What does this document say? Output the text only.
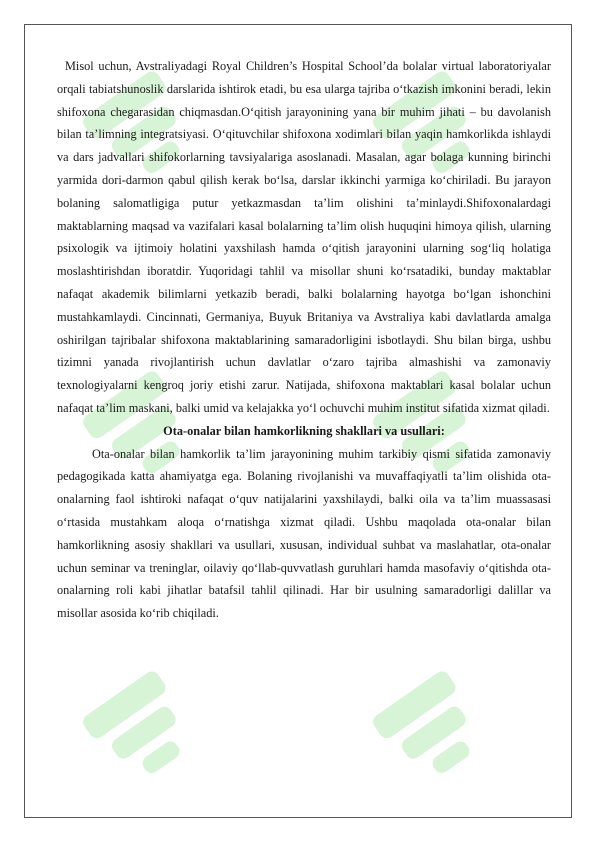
Misol uchun, Avstraliyadagi Royal Children’s Hospital School’da bolalar virtual laboratoriyalar orqali tabiatshunoslik darslarida ishtirok etadi, bu esa ularga tajriba o‘tkazish imkonini beradi, lekin shifoxona chegarasidan chiqmasdan.O‘qitish jarayonining yana bir muhim jihati – bu davolanish bilan ta’limning integratsiyasi. O‘qituvchilar shifoxona xodimlari bilan yaqin hamkorlikda ishlaydi va dars jadvallari shifokorlarning tavsiyalariga asoslanadi. Masalan, agar bolaga kunning birinchi yarmida dori-darmon qabul qilish kerak bo‘lsa, darslar ikkinchi yarmiga ko‘chiriladi. Bu jarayon bolaning salomatligiga putur yetkazmasdan ta’lim olishini ta’minlaydi.Shifoxonalardagi maktablarning maqsad va vazifalari kasal bolalarning ta’lim olish huquqini himoya qilish, ularning psixologik va ijtimoiy holatini yaxshilash hamda o‘qitish jarayonini ularning sog‘liq holatiga moslashtirishdan iboratdir. Yuqoridagi tahlil va misollar shuni ko‘rsatadiki, bunday maktablar nafaqat akademik bilimlarni yetkazib beradi, balki bolalarning hayotga bo‘lgan ishonchini mustahkamlaydi. Cincinnati, Germaniya, Buyuk Britaniya va Avstraliya kabi davlatlarda amalga oshirilgan tajribalar shifoxona maktablarining samaradorligini isbotlaydi. Shu bilan birga, ushbu tizimni yanada rivojlantirish uchun davlatlar o‘zaro tajriba almashishi va zamonaviy texnologiyalarni kengroq joriy etishi zarur. Natijada, shifoxona maktablari kasal bolalar uchun nafaqat ta’lim maskani, balki umid va kelajakka yo‘l ochuvchi muhim institut sifatida xizmat qiladi.

Ota-onalar bilan hamkorlikning shakllari va usullari:

Ota-onalar bilan hamkorlik ta’lim jarayonining muhim tarkibiy qismi sifatida zamonaviy pedagogikada katta ahamiyatga ega. Bolaning rivojlanishi va muvaffaqiyatli ta’lim olishida ota-onalarning faol ishtiroki nafaqat o‘quv natijalarini yaxshilaydi, balki oila va ta’lim muassasasi o‘rtasida mustahkam aloqa o‘rnatishga xizmat qiladi. Ushbu maqolada ota-onalar bilan hamkorlikning asosiy shakllari va usullari, xususan, individual suhbat va maslahatlar, ota-onalar uchun seminar va treninglar, oilaviy qo‘llab-quvvatlash guruhlari hamda masofaviy o‘qitishda ota-onalarning roli kabi jihatlar batafsil tahlil qilinadi. Har bir usulning samaradorligi dalillar va misollar asosida ko‘rib chiqiladi.
